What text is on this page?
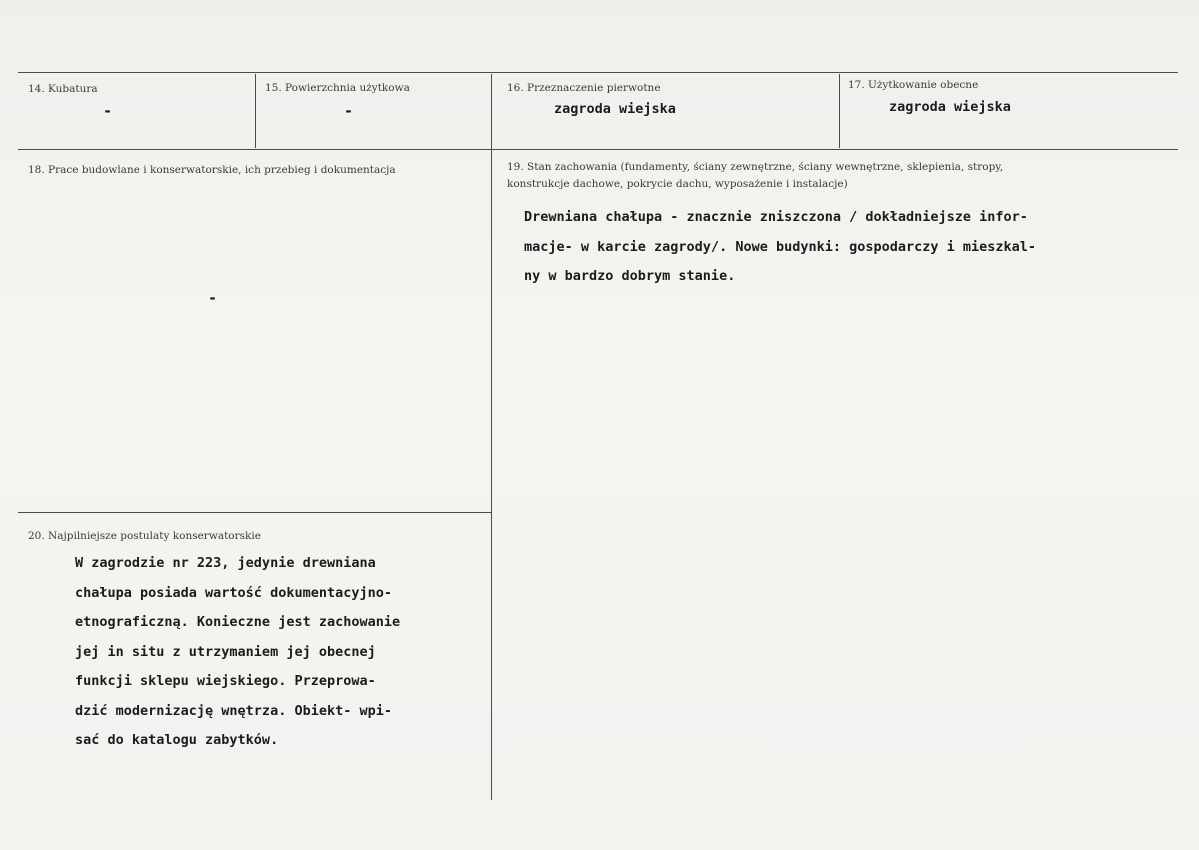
14. Kubatura
-
15. Powierzchnia użytkowa
-
16. Przeznaczenie pierwotne
zagroda wiejska
17. Użytkowanie obecne
zagroda wiejska
18. Prace budowlane i konserwatorskie, ich przebieg i dokumentacja
-
19. Stan zachowania (fundamenty, ściany zewnętrzne, ściany wewnętrzne, sklepienia, stropy,
konstrukcje dachowe, pokrycie dachu, wyposażenie i instalacje)
Drewniana chałupa - znacznie zniszczona / dokładniejsze infor-
macje- w karcie zagrody/. Nowe budynki: gospodarczy i mieszkal-
ny w bardzo dobrym stanie.
20. Najpilniejsze postulaty konserwatorskie
W zagrodzie nr 223, jedynie drewniana
chałupa posiada wartość dokumentacyjno-
etnograficzną. Konieczne jest zachowanie
jej in situ z utrzymaniem jej obecnej
funkcji sklepu wiejskiego. Przeprowa-
dzić modernizację wnętrza. Obiekt- wpi-
sać do katalogu zabytków.
